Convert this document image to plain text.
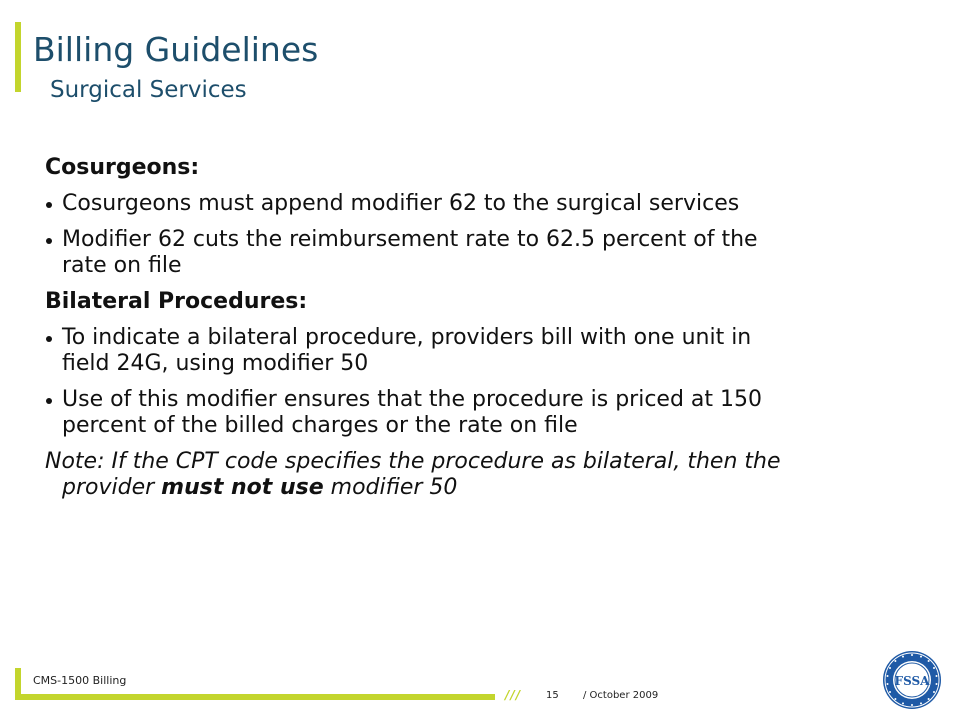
Billing Guidelines
Surgical Services

Cosurgeons:

Cosurgeons must append modifier 62 to the surgical services
Modifier 62 cuts the reimbursement rate to 62.5 percent of the rate on file

Bilateral Procedures:

To indicate a bilateral procedure, providers bill with one unit in field 24G, using modifier 50
Use of this modifier ensures that the procedure is priced at 150 percent of the billed charges or the rate on file

Note: If the CPT code specifies the procedure as bilateral, then the provider must not use modifier 50

CMS-1500 Billing
/// 15 / October 2009
FSSA
